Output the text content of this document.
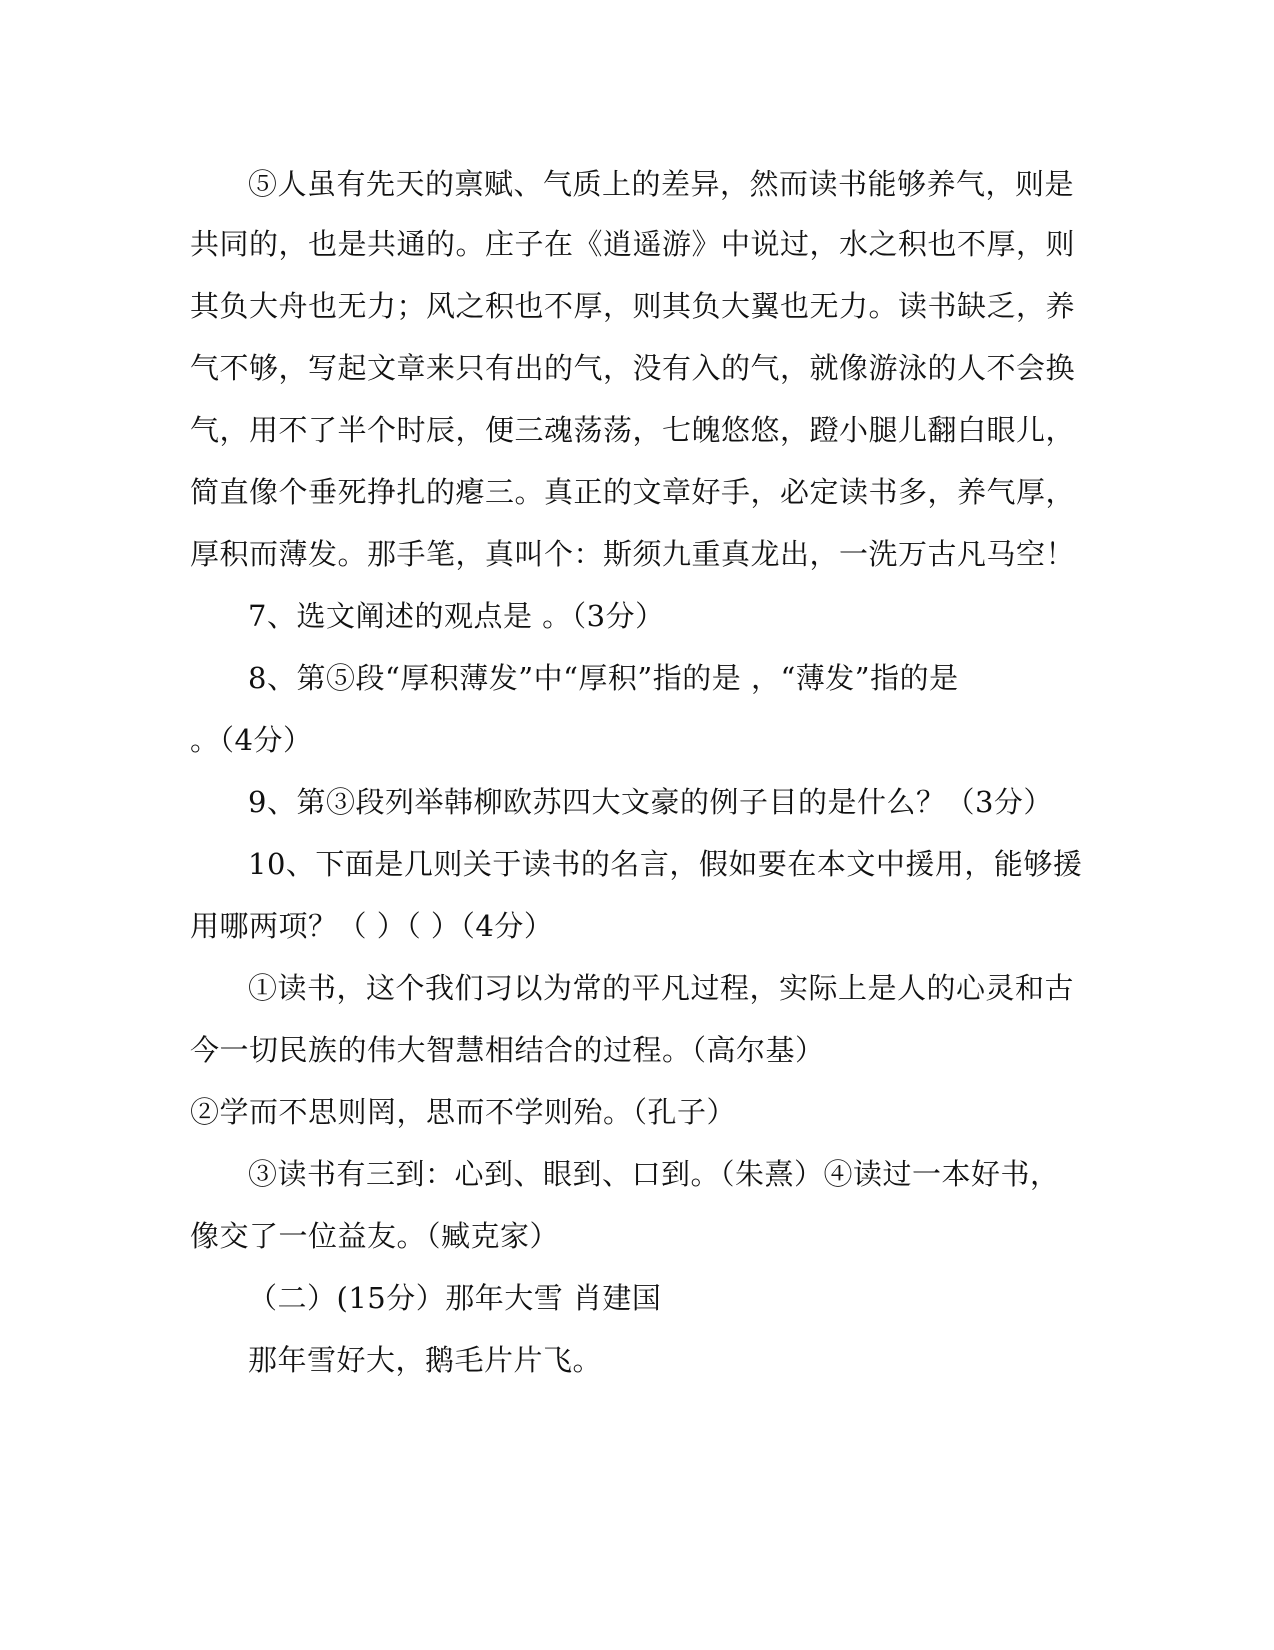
⑤人虽有先天的禀赋、气质上的差异，然而读书能够养气，则是
共同的，也是共通的。庄子在《逍遥游》中说过，水之积也不厚，则
其负大舟也无力；风之积也不厚，则其负大翼也无力。读书缺乏，养
气不够，写起文章来只有出的气，没有入的气，就像游泳的人不会换
气，用不了半个时辰，便三魂荡荡，七魄悠悠，蹬小腿儿翻白眼儿，
简直像个垂死挣扎的瘪三。真正的文章好手，必定读书多，养气厚，
厚积而薄发。那手笔，真叫个：斯须九重真龙出，一洗万古凡马空！
7、选文阐述的观点是 。（3分）
8、第⑤段“厚积薄发”中“厚积”指的是 ，“薄发”指的是
。（4分）
9、第③段列举韩柳欧苏四大文豪的例子目的是什么？（3分）
10、下面是几则关于读书的名言，假如要在本文中援用，能够援
用哪两项？（ ）（ ）（4分）
①读书，这个我们习以为常的平凡过程，实际上是人的心灵和古
今一切民族的伟大智慧相结合的过程。（高尔基）
②学而不思则罔，思而不学则殆。（孔子）
③读书有三到：心到、眼到、口到。（朱熹）④读过一本好书，
像交了一位益友。（臧克家）
（二）(15分）那年大雪 肖建国
那年雪好大，鹅毛片片飞。
